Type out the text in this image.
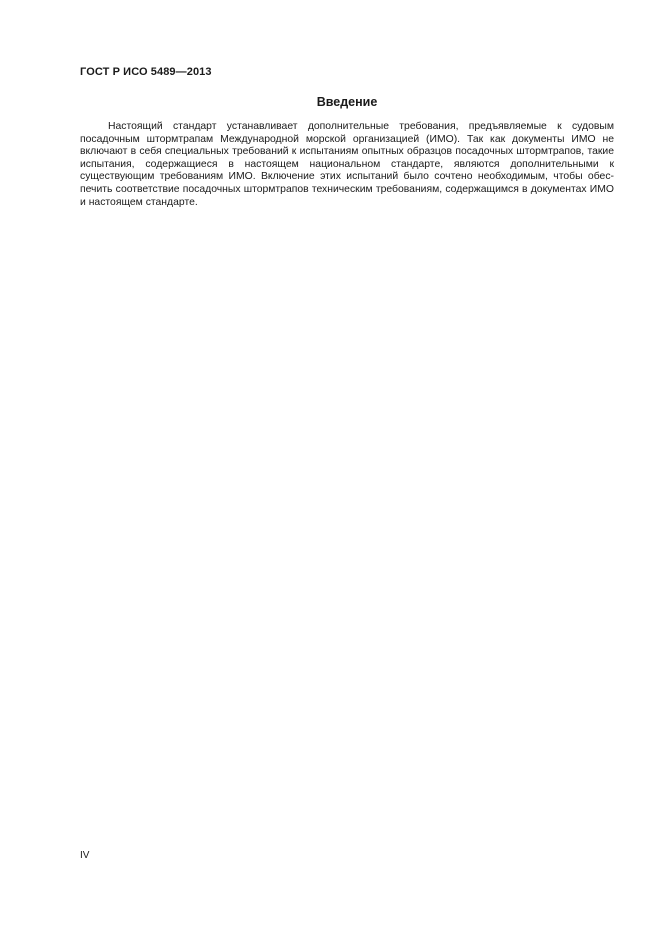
ГОСТ Р ИСО 5489—2013
Введение

Настоящий стандарт устанавливает дополнительные требования, предъявляемые к судовым посадочным штормтрапам Международной морской организацией (ИМО). Так как документы ИМО не включают в себя специальных требований к испытаниям опытных образцов посадочных штормтрапов, такие испытания, содержащиеся в настоящем национальном стандарте, являются дополнительными к существующим требованиям ИМО. Включение этих испытаний было сочтено необходимым, чтобы обеспечить соответствие посадочных штормтрапов техническим требованиям, содержащимся в документах ИМО и настоящем стандарте.

IV
